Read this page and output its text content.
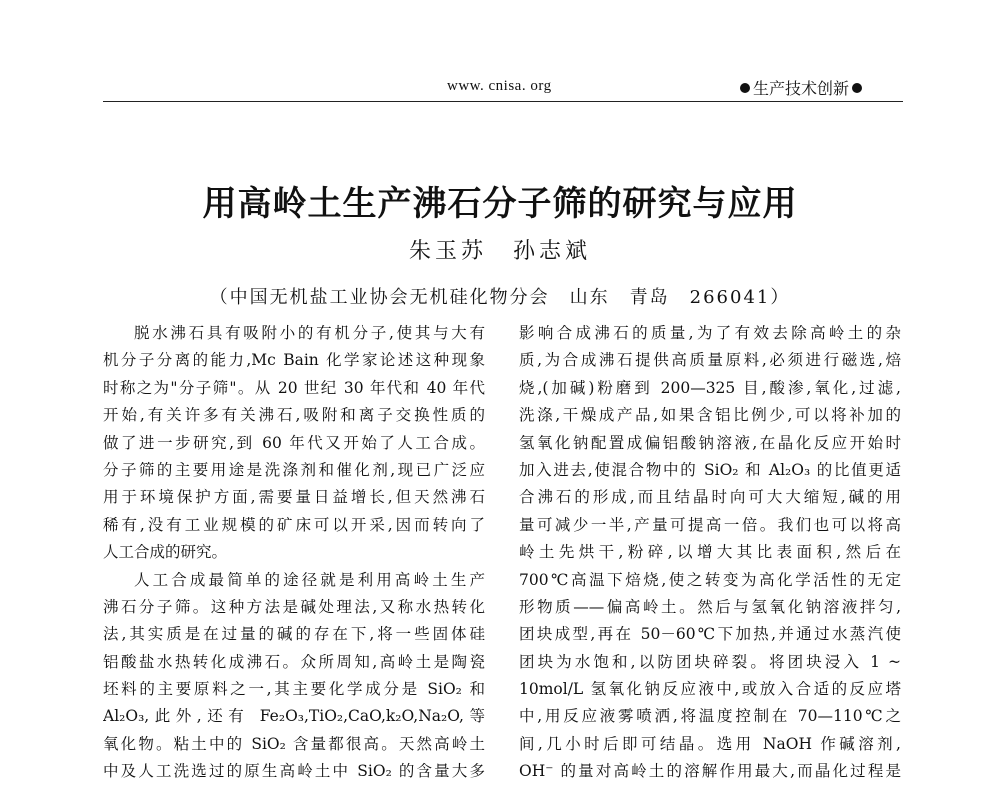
www. cnisa. org	生产技术创新
用高岭土生产沸石分子筛的研究与应用
朱玉苏　孙志斌
（中国无机盐工业协会无机硅化物分会　山东　青岛　266041）
脱水沸石具有吸附小的有机分子,使其与大有
机分子分离的能力,Mc Bain 化学家论述这种现象
时称之为"分子筛"。从 20 世纪 30 年代和 40 年代
开始,有关许多有关沸石,吸附和离子交换性质的
做了进一步研究,到 60 年代又开始了人工合成。
分子筛的主要用途是洗涤剂和催化剂,现已广泛应
用于环境保护方面,需要量日益增长,但天然沸石
稀有,没有工业规模的矿床可以开采,因而转向了
人工合成的研究。
人工合成最简单的途径就是利用高岭土生产
沸石分子筛。这种方法是碱处理法,又称水热转化
法,其实质是在过量的碱的存在下,将一些固体硅
铝酸盐水热转化成沸石。众所周知,高岭土是陶瓷
坯料的主要原料之一,其主要化学成分是 SiO₂ 和
Al₂O₃,此外,还有 Fe₂O₃,TiO₂,CaO,k₂O,Na₂O,等
氧化物。粘土中的 SiO₂ 含量都很高。天然高岭土
中及人工洗选过的原生高岭土中 SiO₂ 的含量大多
影响合成沸石的质量,为了有效去除高岭土的杂
质,为合成沸石提供高质量原料,必须进行磁选,焙
烧,(加碱)粉磨到 200—325 目,酸渗,氧化,过滤,
洗涤,干燥成产品,如果含铝比例少,可以将补加的
氢氧化钠配置成偏铝酸钠溶液,在晶化反应开始时
加入进去,使混合物中的 SiO₂ 和 Al₂O₃ 的比值更适
合沸石的形成,而且结晶时向可大大缩短,碱的用
量可减少一半,产量可提高一倍。我们也可以将高
岭土先烘干,粉碎,以增大其比表面积,然后在
700℃高温下焙烧,使之转变为高化学活性的无定
形物质——偏高岭土。然后与氢氧化钠溶液拌匀,
团块成型,再在 50－60℃下加热,并通过水蒸汽使
团块为水饱和,以防团块碎裂。将团块浸入 1 ~
10mol/L 氢氧化钠反应液中,或放入合适的反应塔
中,用反应液雾喷洒,将温度控制在 70—110℃之
间,几小时后即可结晶。选用 NaOH 作碱溶剂,
OH⁻ 的量对高岭土的溶解作用最大,而晶化过程是
